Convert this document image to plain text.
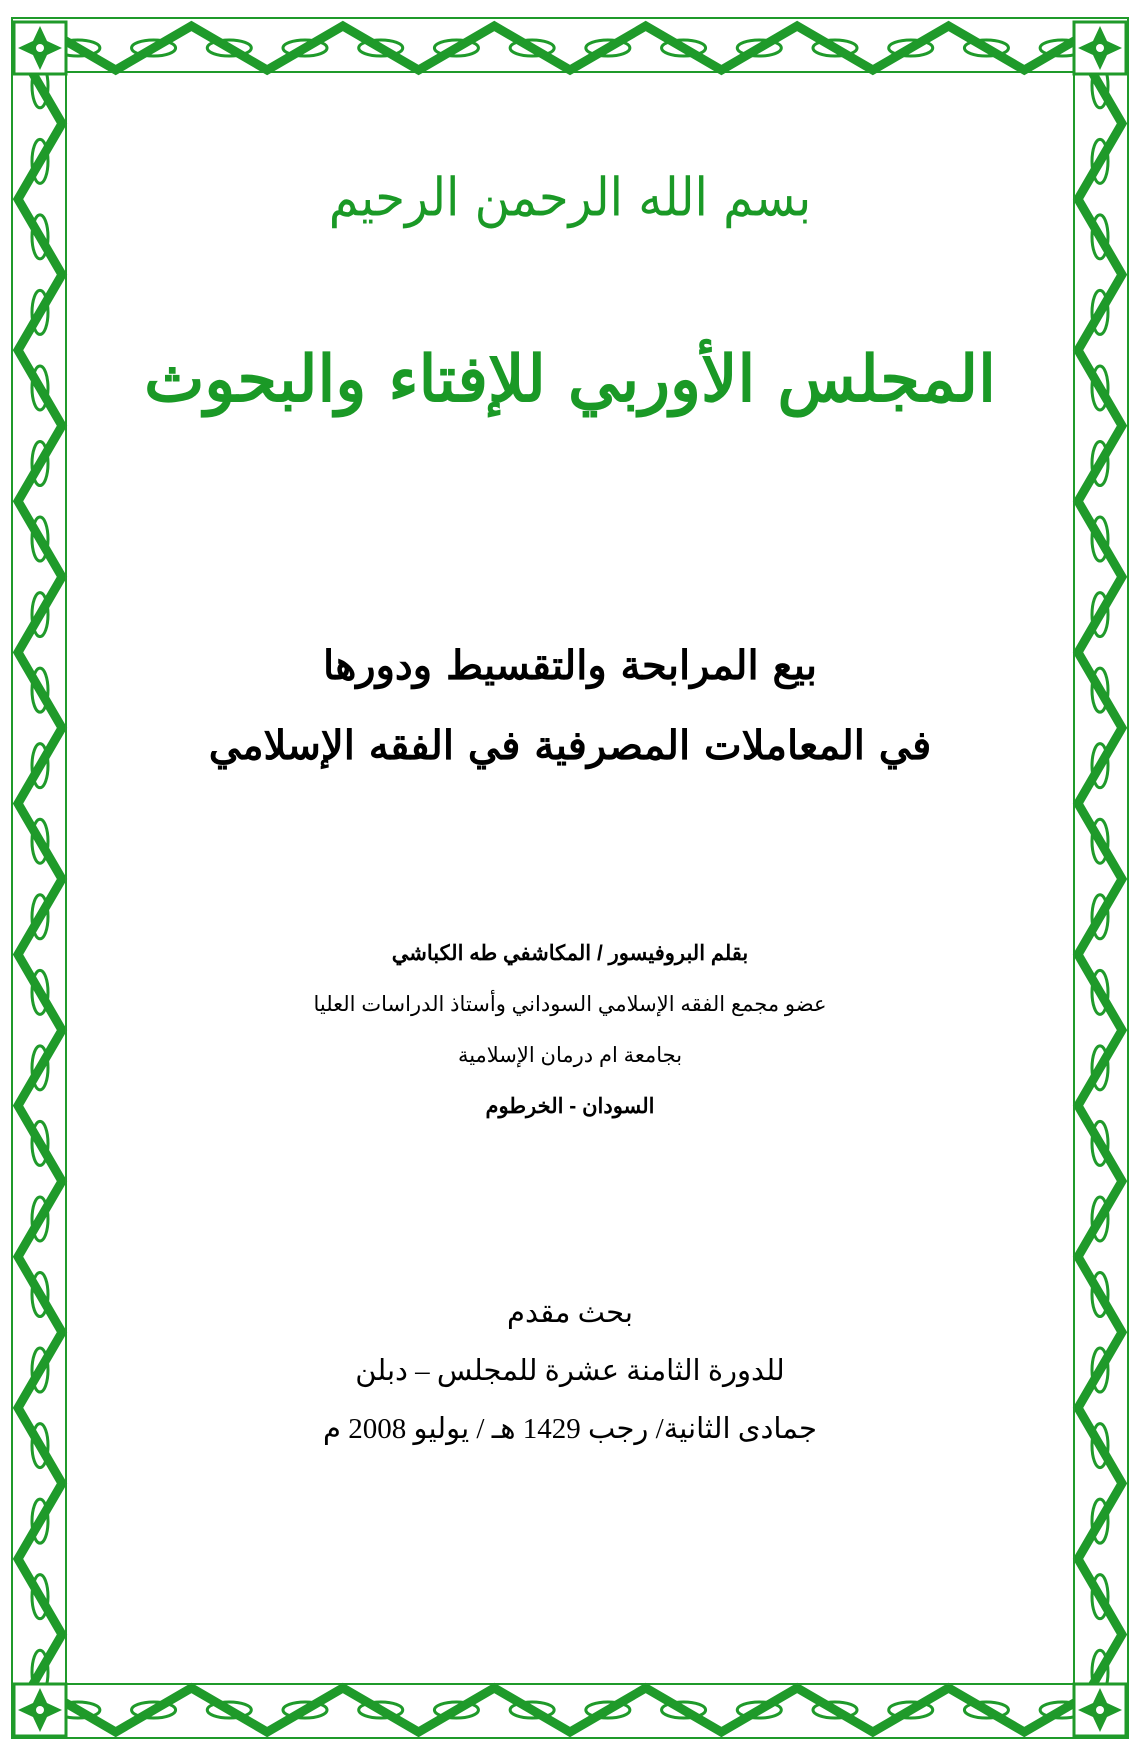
بسم الله الرحمن الرحيم
المجلس الأوربي للإفتاء والبحوث
بيع المرابحة والتقسيط ودورها
في المعاملات المصرفية في الفقه الإسلامي
بقلم البروفيسور / المكاشفي طه الكباشي
عضو مجمع الفقه الإسلامي السوداني وأستاذ الدراسات العليا
بجامعة ام درمان الإسلامية
السودان - الخرطوم
بحث مقدم
للدورة الثامنة عشرة للمجلس – دبلن
جمادى الثانية/ رجب 1429 هـ / يوليو 2008 م
